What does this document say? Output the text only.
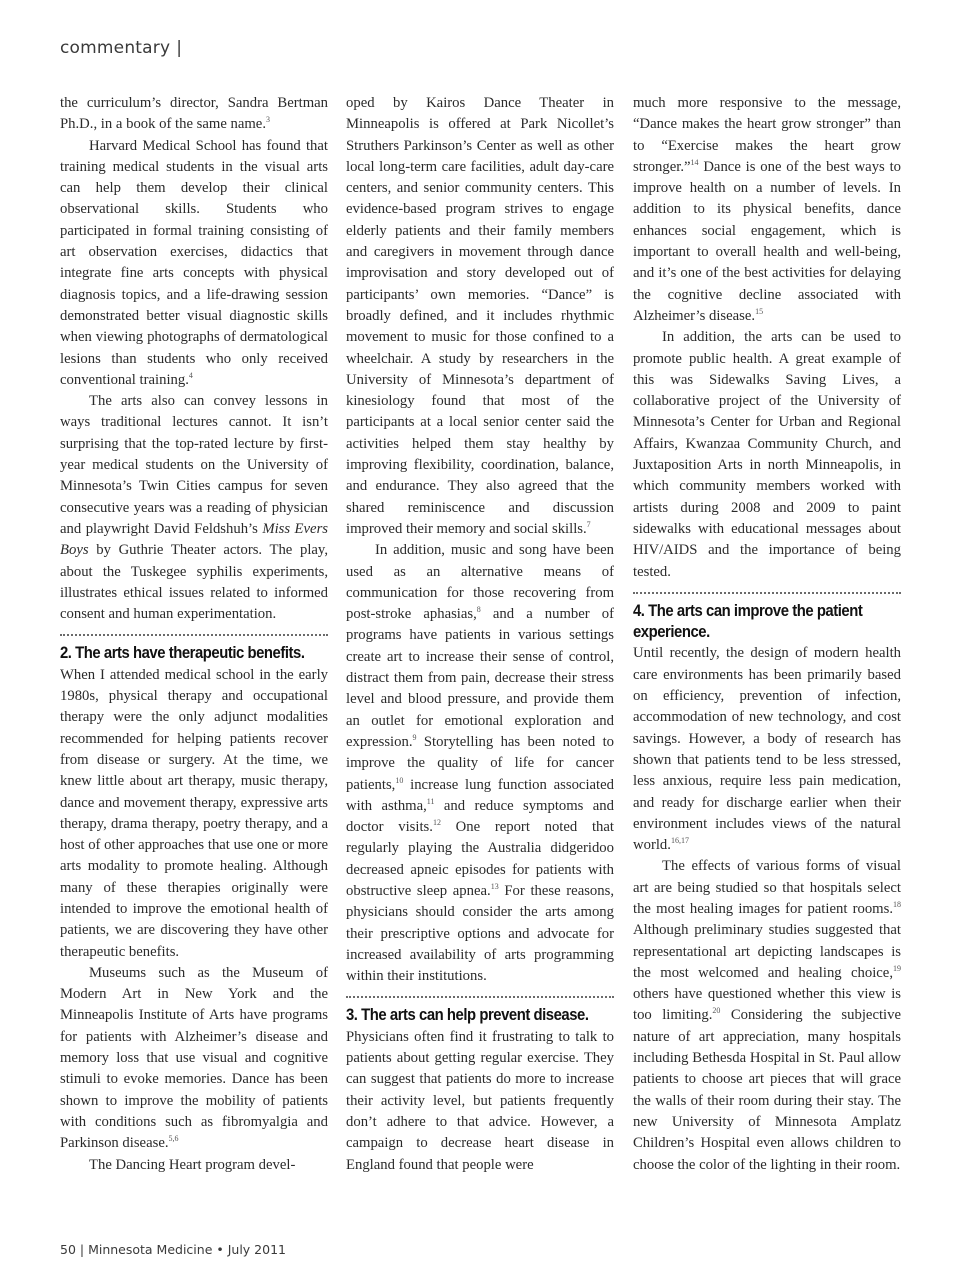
commentary |

the curriculum’s director, Sandra Bertman Ph.D., in a book of the same name.$^3$

Harvard Medical School has found that training medical students in the visual arts can help them develop their clinical observational skills. Students who participated in formal training consisting of art observation exercises, didactics that integrate fine arts concepts with physical diagnosis topics, and a life-drawing session demonstrated better visual diagnostic skills when viewing photographs of dermatological lesions than students who only received conventional training.$^4$

The arts also can convey lessons in ways traditional lectures cannot. It isn’t surprising that the top-rated lecture by first-year medical students on the University of Minnesota’s Twin Cities campus for seven consecutive years was a reading of physician and playwright David Feldshuh’s Miss Evers Boys by Guthrie Theater actors. The play, about the Tuskegee syphilis experiments, illustrates ethical issues related to informed consent and human experimentation.

2. The arts have therapeutic benefits.

When I attended medical school in the early 1980s, physical therapy and occupational therapy were the only adjunct modalities recommended for helping patients recover from disease or surgery. At the time, we knew little about art therapy, music therapy, dance and movement therapy, expressive arts therapy, drama therapy, poetry therapy, and a host of other approaches that use one or more arts modality to promote healing. Although many of these therapies originally were intended to improve the emotional health of patients, we are discovering they have other therapeutic benefits.

Museums such as the Museum of Modern Art in New York and the Minneapolis Institute of Arts have programs for patients with Alzheimer’s disease and memory loss that use visual and cognitive stimuli to evoke memories. Dance has been shown to improve the mobility of patients with conditions such as fibromyalgia and Parkinson disease.$^{5,6}$

The Dancing Heart program devel-

oped by Kairos Dance Theater in Minneapolis is offered at Park Nicollet’s Struthers Parkinson’s Center as well as other local long-term care facilities, adult day-care centers, and senior community centers. This evidence-based program strives to engage elderly patients and their family members and caregivers in movement through dance improvisation and story developed out of participants’ own memories. “Dance” is broadly defined, and it includes rhythmic movement to music for those confined to a wheelchair. A study by researchers in the University of Minnesota’s department of kinesiology found that most of the participants at a local senior center said the activities helped them stay healthy by improving flexibility, coordination, balance, and endurance. They also agreed that the shared reminiscence and discussion improved their memory and social skills.$^7$

In addition, music and song have been used as an alternative means of communication for those recovering from post-stroke aphasias,$^8$ and a number of programs have patients in various settings create art to increase their sense of control, distract them from pain, decrease their stress level and blood pressure, and provide them an outlet for emotional exploration and expression.$^9$ Storytelling has been noted to improve the quality of life for cancer patients,$^{10}$ increase lung function associated with asthma,$^{11}$ and reduce symptoms and doctor visits.$^{12}$ One report noted that regularly playing the Australia didgeridoo decreased apneic episodes for patients with obstructive sleep apnea.$^{13}$ For these reasons, physicians should consider the arts among their prescriptive options and advocate for increased availability of arts programming within their institutions.

3. The arts can help prevent disease.

Physicians often find it frustrating to talk to patients about getting regular exercise. They can suggest that patients do more to increase their activity level, but patients frequently don’t adhere to that advice. However, a campaign to decrease heart disease in England found that people were

much more responsive to the message, “Dance makes the heart grow stronger” than to “Exercise makes the heart grow stronger.”$^{14}$ Dance is one of the best ways to improve health on a number of levels. In addition to its physical benefits, dance enhances social engagement, which is important to overall health and well-being, and it’s one of the best activities for delaying the cognitive decline associated with Alzheimer’s disease.$^{15}$

In addition, the arts can be used to promote public health. A great example of this was Sidewalks Saving Lives, a collaborative project of the University of Minnesota’s Center for Urban and Regional Affairs, Kwanzaa Community Church, and Juxtaposition Arts in north Minneapolis, in which community members worked with artists during 2008 and 2009 to paint sidewalks with educational messages about HIV/AIDS and the importance of being tested.

4. The arts can improve the patient experience.

Until recently, the design of modern health care environments has been primarily based on efficiency, prevention of infection, accommodation of new technology, and cost savings. However, a body of research has shown that patients tend to be less stressed, less anxious, require less pain medication, and ready for discharge earlier when their environment includes views of the natural world.$^{16,17}$

The effects of various forms of visual art are being studied so that hospitals select the most healing images for patient rooms.$^{18}$ Although preliminary studies suggested that representational art depicting landscapes is the most welcomed and healing choice,$^{19}$ others have questioned whether this view is too limiting.$^{20}$ Considering the subjective nature of art appreciation, many hospitals including Bethesda Hospital in St. Paul allow patients to choose art pieces that will grace the walls of their room during their stay. The new University of Minnesota Amplatz Children’s Hospital even allows children to choose the color of the lighting in their room.

50 | Minnesota Medicine • July 2011
